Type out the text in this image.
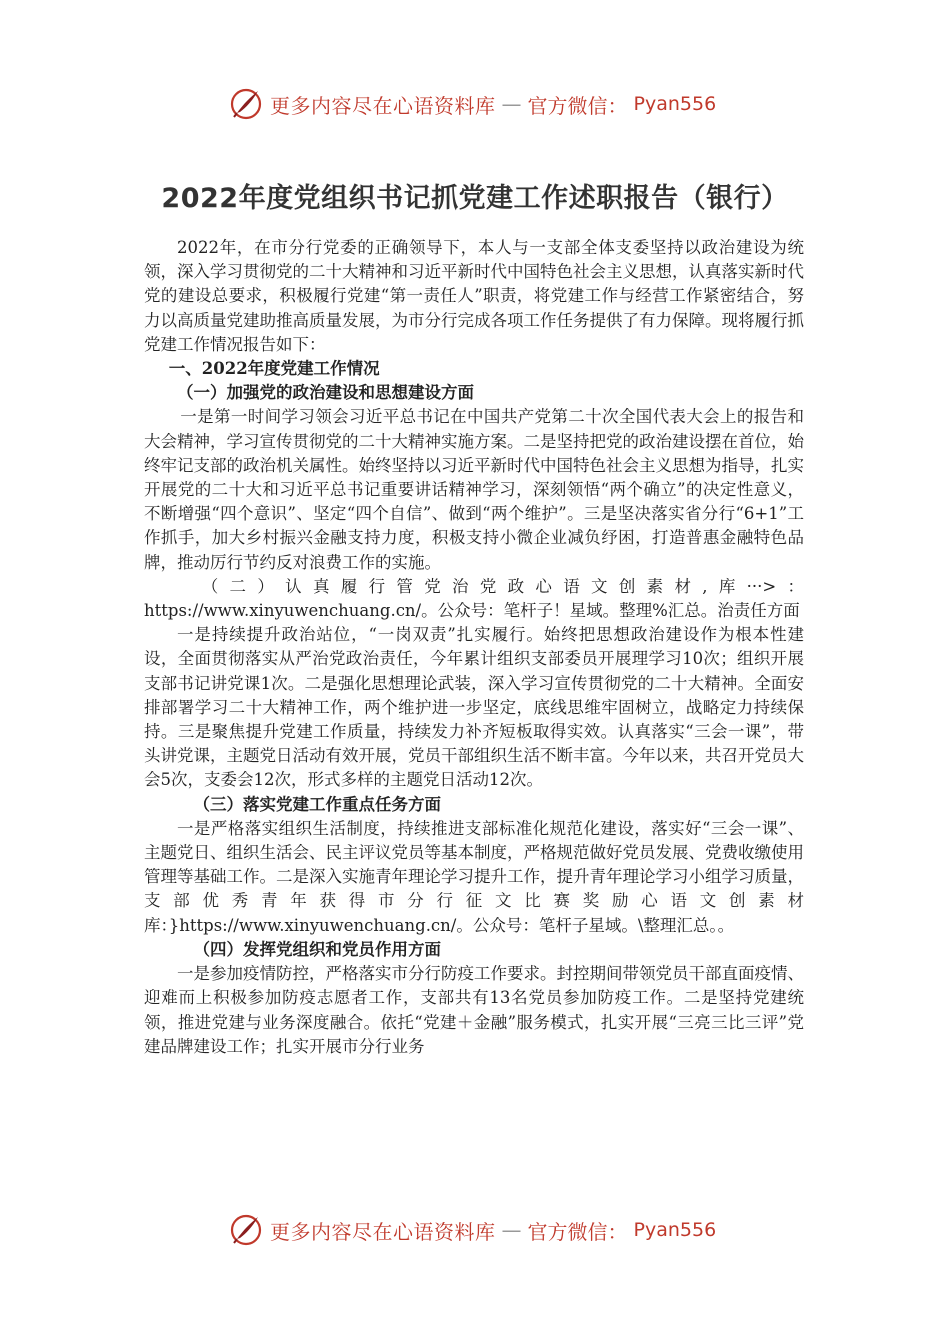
更多内容尽在心语资料库 — 官方微信： Pyan556
2022年度党组织书记抓党建工作述职报告（银行）

2022年，在市分行党委的正确领导下，本人与一支部全体支委坚持以政治建设为统领，深入学习贯彻党的二十大精神和习近平新时代中国特色社会主义思想，认真落实新时代党的建设总要求，积极履行党建“第一责任人”职责，将党建工作与经营工作紧密结合，努力以高质量党建助推高质量发展，为市分行完成各项工作任务提供了有力保障。现将履行抓党建工作情况报告如下：

一、2022年度党建工作情况

（一）加强党的政治建设和思想建设方面

一是第一时间学习领会习近平总书记在中国共产党第二十次全国代表大会上的报告和大会精神，学习宣传贯彻党的二十大精神实施方案。二是坚持把党的政治建设摆在首位，始终牢记支部的政治机关属性。始终坚持以习近平新时代中国特色社会主义思想为指导，扎实开展党的二十大和习近平总书记重要讲话精神学习，深刻领悟“两个确立”的决定性意义，不断增强“四个意识”、坚定“四个自信”、做到“两个维护”。三是坚决落实省分行“6+1”工作抓手，加大乡村振兴金融支持力度，积极支持小微企业减负纾困，打造普惠金融特色品牌，推动厉行节约反对浪费工作的实施。

（二）认真履行管党治党政心语文创素材,库···>：https://www.xinyuwenchuang.cn/。公众号：笔杆子！星域。整理%汇总。治责任方面

一是持续提升政治站位，“一岗双责”扎实履行。始终把思想政治建设作为根本性建设，全面贯彻落实从严治党政治责任，今年累计组织支部委员开展理学习10次；组织开展支部书记讲党课1次。二是强化思想理论武装，深入学习宣传贯彻党的二十大精神。全面安排部署学习二十大精神工作，两个维护进一步坚定，底线思维牢固树立，战略定力持续保持。三是聚焦提升党建工作质量，持续发力补齐短板取得实效。认真落实“三会一课”，带头讲党课，主题党日活动有效开展，党员干部组织生活不断丰富。今年以来，共召开党员大会5次，支委会12次，形式多样的主题党日活动12次。

（三）落实党建工作重点任务方面

一是严格落实组织生活制度，持续推进支部标准化规范化建设，落实好“三会一课”、主题党日、组织生活会、民主评议党员等基本制度，严格规范做好党员发展、党费收缴使用管理等基础工作。二是深入实施青年理论学习提升工作，提升青年理论学习小组学习质量，支部优秀青年获得市分行征文比赛奖励心语文创素材库：}https://www.xinyuwenchuang.cn/。公众号：笔杆子星域。\整理汇总。。

（四）发挥党组织和党员作用方面

一是参加疫情防控，严格落实市分行防疫工作要求。封控期间带领党员干部直面疫情、迎难而上积极参加防疫志愿者工作，支部共有13名党员参加防疫工作。二是坚持党建统领，推进党建与业务深度融合。依托“党建＋金融”服务模式，扎实开展“三亮三比三评”党建品牌建设工作；扎实开展市分行业务

更多内容尽在心语资料库 — 官方微信： Pyan556
